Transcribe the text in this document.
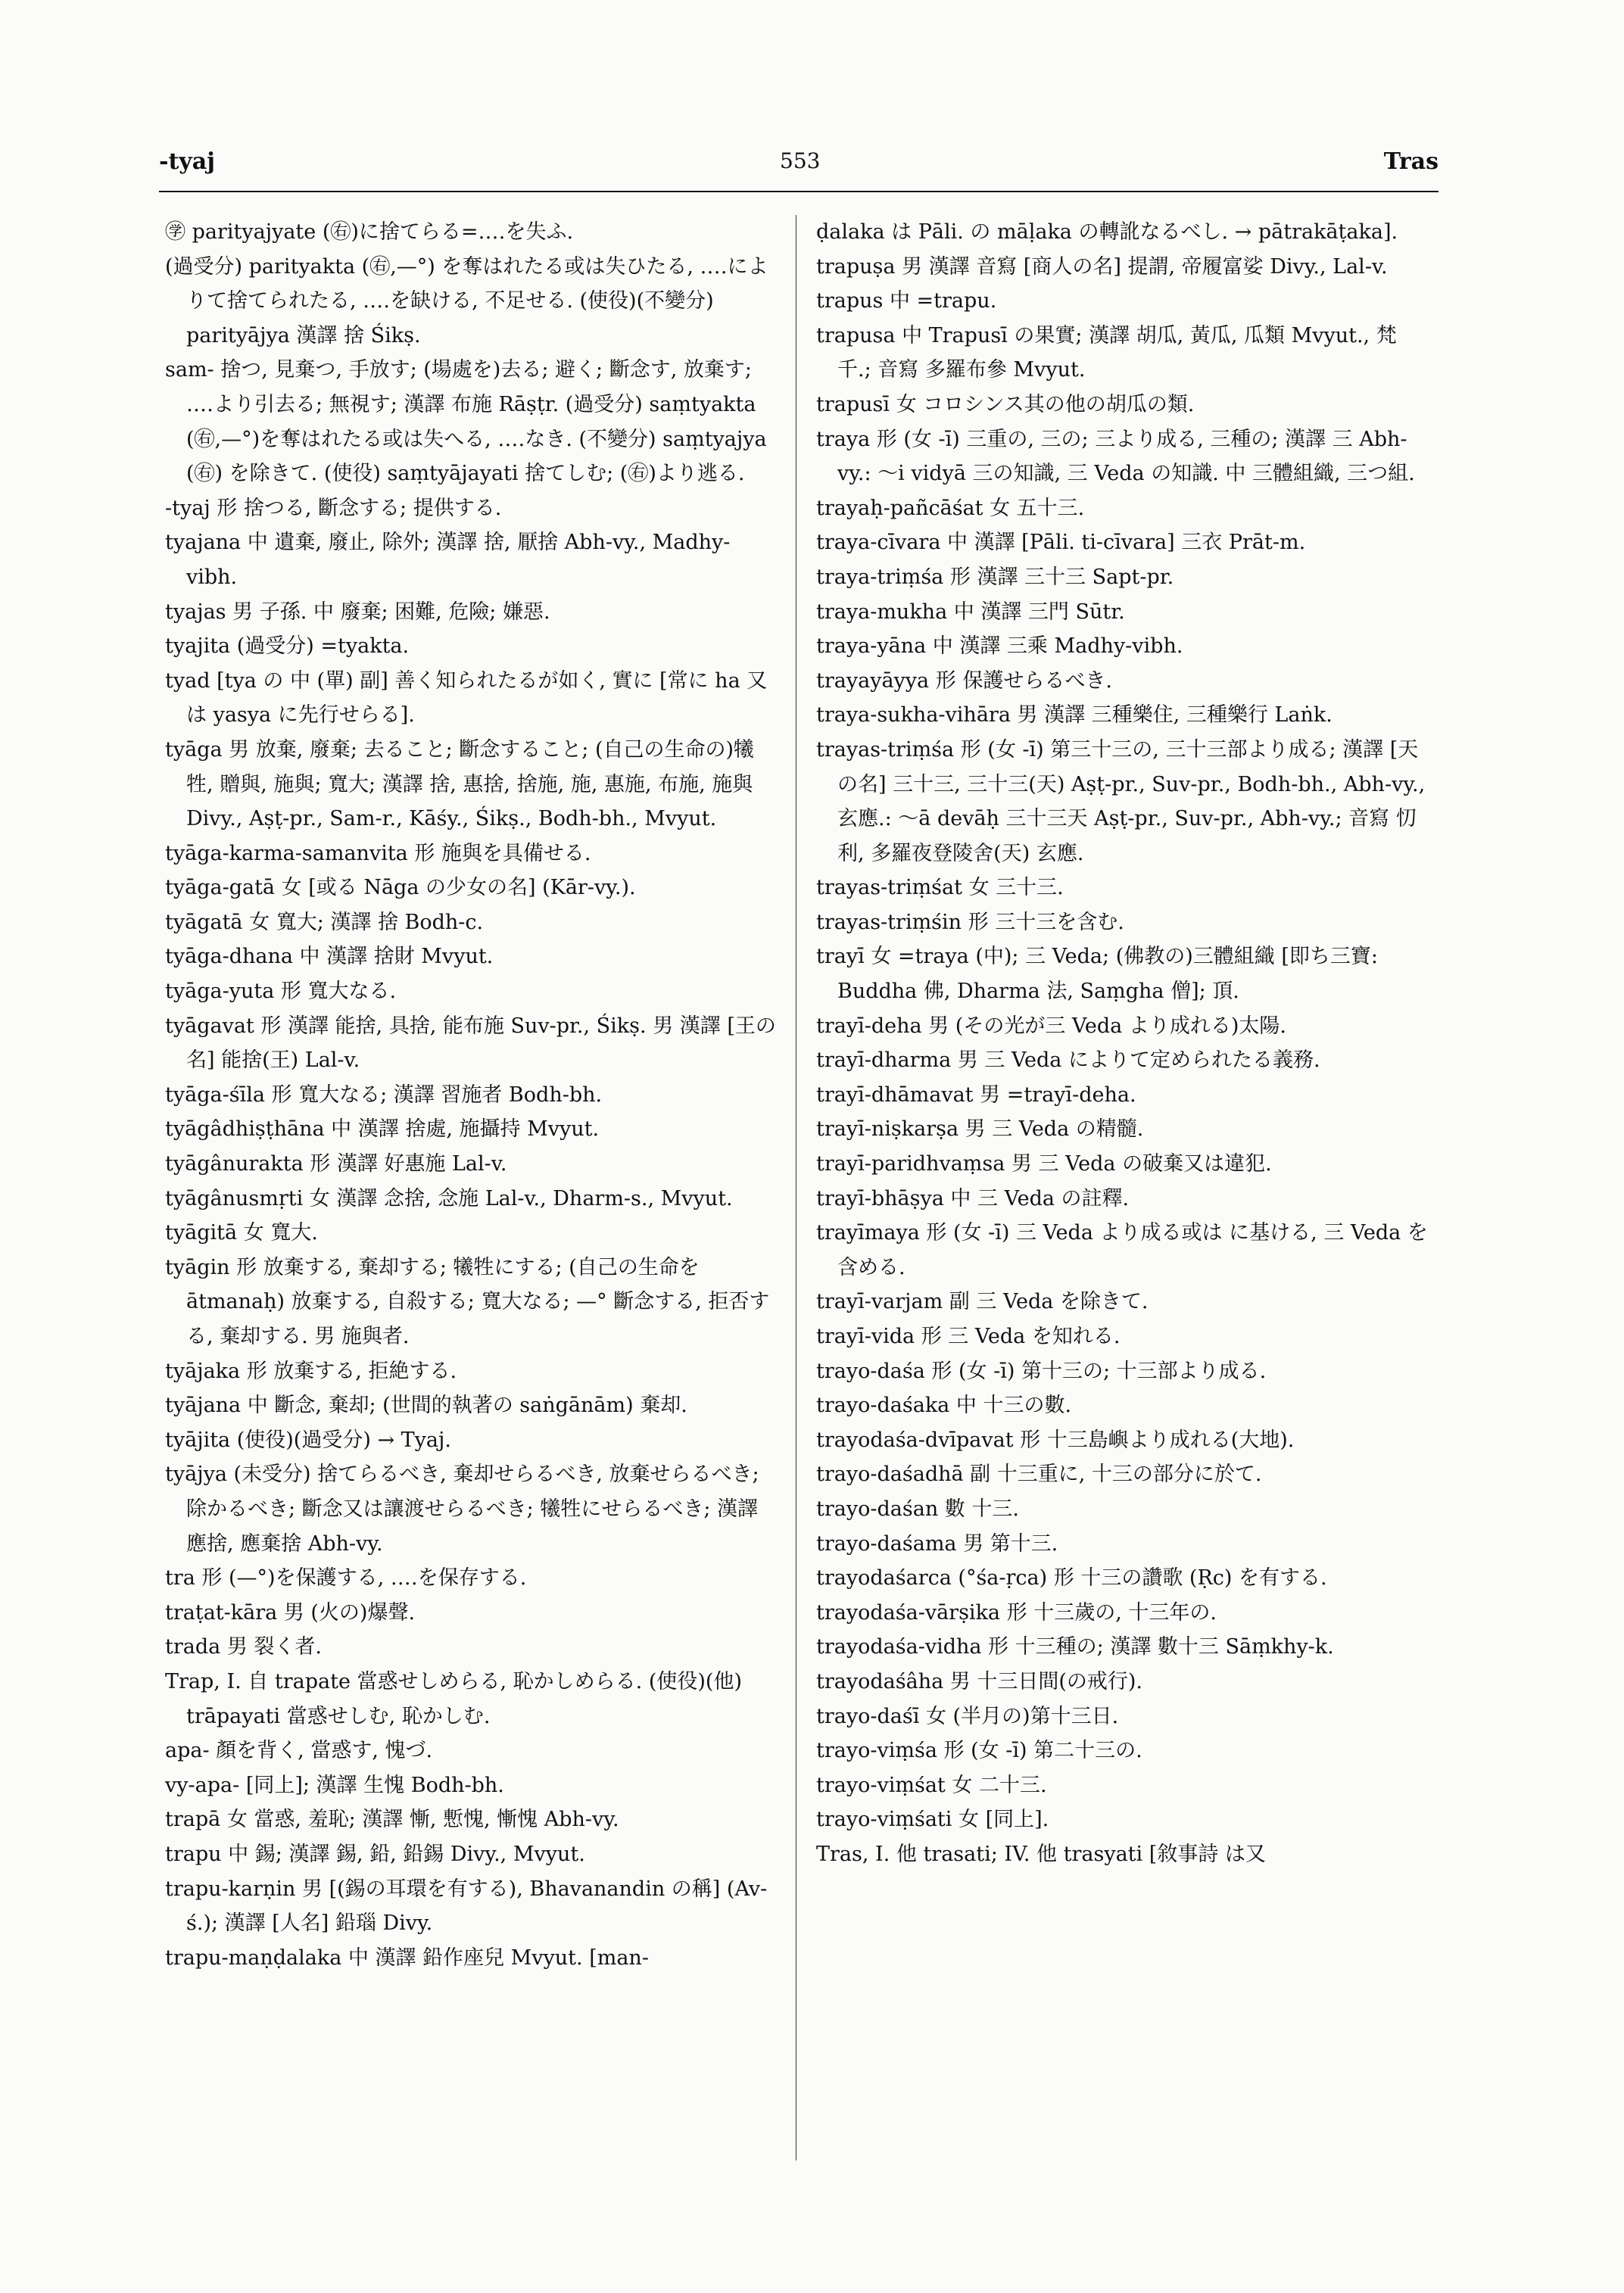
-tyaj	553	Tras

㊫ parityajyate (㊨)に捨てらる=‥‥を失ふ.

(過受分) parityakta (㊨,—°) を奪はれたる或は失ひたる, ‥‥によりて捨てられたる, ‥‥を缺ける, 不足せる. (使役)(不變分) parityājya 漢譯 捨 Śikṣ.

sam- 捨つ, 見棄つ, 手放す; (場處を)去る; 避く; 斷念す, 放棄す; ‥‥より引去る; 無視す; 漢譯 布施 Rāṣṭr. (過受分) saṃtyakta (㊨,—°)を奪はれたる或は失へる, ‥‥なき. (不變分) saṃtyajya (㊨) を除きて. (使役) saṃtyājayati 捨てしむ; (㊨)より逃る.

-tyaj 形 捨つる, 斷念する; 提供する.

tyajana 中 遺棄, 廢止, 除外; 漢譯 捨, 厭捨 Abh-vy., Madhy-vibh.

tyajas 男 子孫. 中 廢棄; 困難, 危險; 嫌惡.

tyajita (過受分) =tyakta.

tyad [tya の 中 (單) 副] 善く知られたるが如く, 實に [常に ha 又は yasya に先行せらる].

tyāga 男 放棄, 廢棄; 去ること; 斷念すること; (自己の生命の)犧牲, 贈與, 施與; 寬大; 漢譯 捨, 惠捨, 捨施, 施, 惠施, 布施, 施與 Divy., Aṣṭ-pr., Sam-r., Kāśy., Śikṣ., Bodh-bh., Mvyut.

tyāga-karma-samanvita 形 施與を具備せる.

tyāga-gatā 女 [或る Nāga の少女の名] (Kār-vy.).

tyāgatā 女 寬大; 漢譯 捨 Bodh-c.

tyāga-dhana 中 漢譯 捨財 Mvyut.

tyāga-yuta 形 寬大なる.

tyāgavat 形 漢譯 能捨, 具捨, 能布施 Suv-pr., Śikṣ. 男 漢譯 [王の名] 能捨(王) Lal-v.

tyāga-śīla 形 寬大なる; 漢譯 習施者 Bodh-bh.

tyāgâdhiṣṭhāna 中 漢譯 捨處, 施攝持 Mvyut.

tyāgânurakta 形 漢譯 好惠施 Lal-v.

tyāgânusmṛti 女 漢譯 念捨, 念施 Lal-v., Dharm-s., Mvyut.

tyāgitā 女 寬大.

tyāgin 形 放棄する, 棄却する; 犧牲にする; (自己の生命を ātmanaḥ) 放棄する, 自殺する; 寬大なる; —° 斷念する, 拒否する, 棄却する. 男 施與者.

tyājaka 形 放棄する, 拒絶する.

tyājana 中 斷念, 棄却; (世間的執著の saṅgānām) 棄却.

tyājita (使役)(過受分) → Tyaj.

tyājya (未受分) 捨てらるべき, 棄却せらるべき, 放棄せらるべき; 除かるべき; 斷念又は讓渡せらるべき; 犧牲にせらるべき; 漢譯 應捨, 應棄捨 Abh-vy.

tra 形 (—°)を保護する, ‥‥を保存する.

traṭat-kāra 男 (火の)爆聲.

trada 男 裂く者.

Trap, I. 自 trapate 當惑せしめらる, 恥かしめらる. (使役)(他) trāpayati 當惑せしむ, 恥かしむ.

apa- 顏を背く, 當惑す, 愧づ.

vy-apa- [同上]; 漢譯 生愧 Bodh-bh.

trapā 女 當惑, 羞恥; 漢譯 慚, 慙愧, 慚愧 Abh-vy.

trapu 中 錫; 漢譯 錫, 鉛, 鉛錫 Divy., Mvyut.

trapu-karṇin 男 [(錫の耳環を有する), Bhavanandin の稱] (Av-ś.); 漢譯 [人名] 鉛瑙 Divy.

trapu-maṇḍalaka 中 漢譯 鉛作座兒 Mvyut. [man-

ḍalaka は Pāli. の māḷaka の轉訛なるべし. → pātrakāṭaka].

trapuṣa 男 漢譯 音寫 [商人の名] 提謂, 帝履富娑 Divy., Lal-v.

trapus 中 =trapu.

trapusa 中 Trapusī の果實; 漢譯 胡瓜, 黃瓜, 瓜類 Mvyut., 梵千.; 音寫 多羅布參 Mvyut.

trapusī 女 コロシンス其の他の胡瓜の類.

traya 形 (女 -ī) 三重の, 三の; 三より成る, 三種の; 漢譯 三 Abh-vy.: ～i vidyā 三の知識, 三 Veda の知識. 中 三體組織, 三つ組.

trayaḥ-pañcāśat 女 五十三.

traya-cīvara 中 漢譯 [Pāli. ti-cīvara] 三衣 Prāt-m.

traya-triṃśa 形 漢譯 三十三 Sapt-pr.

traya-mukha 中 漢譯 三門 Sūtr.

traya-yāna 中 漢譯 三乘 Madhy-vibh.

trayayāyya 形 保護せらるべき.

traya-sukha-vihāra 男 漢譯 三種樂住, 三種樂行 Laṅk.

trayas-triṃśa 形 (女 -ī) 第三十三の, 三十三部より成る; 漢譯 [天の名] 三十三, 三十三(天) Aṣṭ-pr., Suv-pr., Bodh-bh., Abh-vy., 玄應.: ～ā devāḥ 三十三天 Aṣṭ-pr., Suv-pr., Abh-vy.; 音寫 忉利, 多羅夜登陵舍(天) 玄應.

trayas-triṃśat 女 三十三.

trayas-triṃśin 形 三十三を含む.

trayī 女 =traya (中); 三 Veda; (佛教の)三體組織 [即ち三寶: Buddha 佛, Dharma 法, Saṃgha 僧]; 頂.

trayī-deha 男 (その光が三 Veda より成れる)太陽.

trayī-dharma 男 三 Veda によりて定められたる義務.

trayī-dhāmavat 男 =trayī-deha.

trayī-niṣkarṣa 男 三 Veda の精髓.

trayī-paridhvaṃsa 男 三 Veda の破棄又は違犯.

trayī-bhāṣya 中 三 Veda の註釋.

trayīmaya 形 (女 -ī) 三 Veda より成る或は に基ける, 三 Veda を含める.

trayī-varjam 副 三 Veda を除きて.

trayī-vida 形 三 Veda を知れる.

trayo-daśa 形 (女 -ī) 第十三の; 十三部より成る.

trayo-daśaka 中 十三の數.

trayodaśa-dvīpavat 形 十三島嶼より成れる(大地).

trayo-daśadhā 副 十三重に, 十三の部分に於て.

trayo-daśan 數 十三.

trayo-daśama 男 第十三.

trayodaśarca (°śa-ṛca) 形 十三の讚歌 (Ṛc) を有する.

trayodaśa-vārṣika 形 十三歲の, 十三年の.

trayodaśa-vidha 形 十三種の; 漢譯 數十三 Sāṃkhy-k.

trayodaśâha 男 十三日間(の戒行).

trayo-daśī 女 (半月の)第十三日.

trayo-viṃśa 形 (女 -ī) 第二十三の.

trayo-viṃśat 女 二十三.

trayo-viṃśati 女 [同上].

Tras, I. 他 trasati; IV. 他 trasyati [敘事詩 は又
